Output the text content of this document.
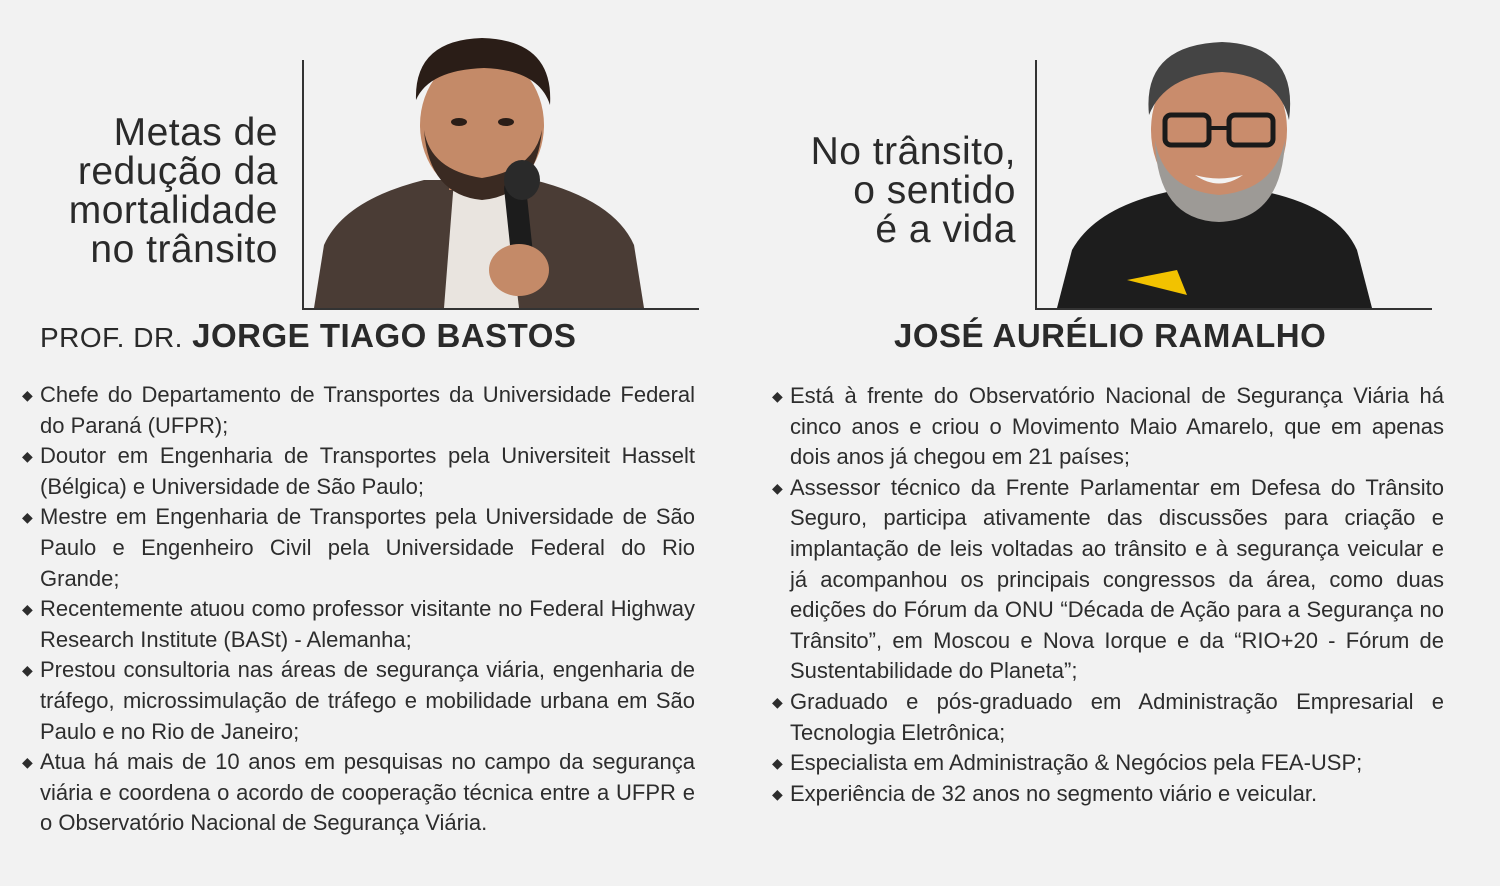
Metas de
redução da
mortalidade
no trânsito
PROF. DR. JORGE TIAGO BASTOS
◆ Chefe do Departamento de Transportes da Universidade Federal do Paraná (UFPR);
◆ Doutor em Engenharia de Transportes pela Universiteit Hasselt (Bélgica) e Universidade de São Paulo;
◆ Mestre em Engenharia de Transportes pela Universidade de São Paulo e Engenheiro Civil pela Universidade Federal do Rio Grande;
◆ Recentemente atuou como professor visitante no Federal Highway Research Institute (BASt) - Alemanha;
◆ Prestou consultoria nas áreas de segurança viária, engenharia de tráfego, microssimulação de tráfego e mobilidade urbana em São Paulo e no Rio de Janeiro;
◆ Atua há mais de 10 anos em pesquisas no campo da segurança viária e coordena o acordo de cooperação técnica entre a UFPR e o Observatório Nacional de Segurança Viária.
No trânsito,
o sentido
é a vida
JOSÉ AURÉLIO RAMALHO
◆ Está à frente do Observatório Nacional de Segurança Viária há cinco anos e criou o Movimento Maio Amarelo, que em apenas dois anos já chegou em 21 países;
◆ Assessor técnico da Frente Parlamentar em Defesa do Trânsito Seguro, participa ativamente das discussões para criação e implantação de leis voltadas ao trânsito e à segurança veicular e já acompanhou os principais congressos da área, como duas edições do Fórum da ONU “Década de Ação para a Segurança no Trânsito”, em Moscou e Nova Iorque e da “RIO+20 - Fórum de Sustentabilidade do Planeta”;
◆ Graduado e pós-graduado em Administração Empresarial e Tecnologia Eletrônica;
◆ Especialista em Administração & Negócios pela FEA-USP;
◆ Experiência de 32 anos no segmento viário e veicular.
